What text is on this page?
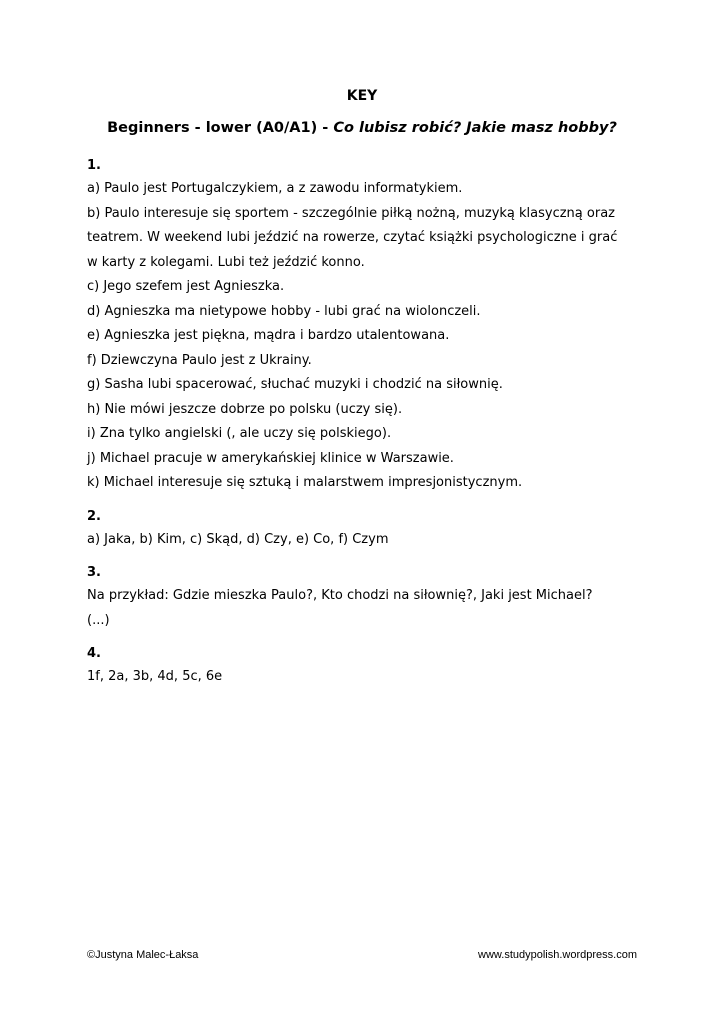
KEY
Beginners - lower (A0/A1) - Co lubisz robić? Jakie masz hobby?

1.

a) Paulo jest Portugalczykiem, a z zawodu informatykiem.

b) Paulo interesuje się sportem - szczególnie piłką nożną, muzyką klasyczną oraz

teatrem. W weekend lubi jeździć na rowerze, czytać książki psychologiczne i grać

w karty z kolegami. Lubi też jeździć konno.

c) Jego szefem jest Agnieszka.

d) Agnieszka ma nietypowe hobby - lubi grać na wiolonczeli.

e) Agnieszka jest piękna, mądra i bardzo utalentowana.

f) Dziewczyna Paulo jest z Ukrainy.

g) Sasha lubi spacerować, słuchać muzyki i chodzić na siłownię.

h) Nie mówi jeszcze dobrze po polsku (uczy się).

i) Zna tylko angielski (, ale uczy się polskiego).

j) Michael pracuje w amerykańskiej klinice w Warszawie.

k) Michael interesuje się sztuką i malarstwem impresjonistycznym.

2.

a) Jaka, b) Kim, c) Skąd, d) Czy, e) Co, f) Czym

3.

Na przykład: Gdzie mieszka Paulo?, Kto chodzi na siłownię?, Jaki jest Michael?

(...)

4.

1f, 2a, 3b, 4d, 5c, 6e

©Justyna Malec-Łaksa	www.studypolish.wordpress.com
